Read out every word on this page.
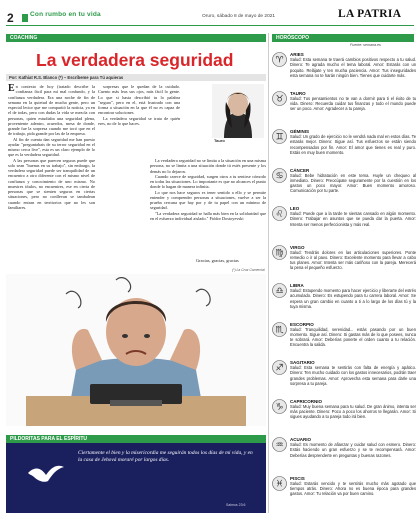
2	Con rumbo en tu vida	Oruro, sábado 8 de mayo de 2021	LA PATRIA
COACHING
La verdadera seguridad
Por: Kathiat R.S. Blanco (*) – Escríbeme para Tú aquieras

En contexto de hoy (tratado describe la confianza fácil para mí mal confundo, y la confianza verdadera. Era una noche de fin de semana en la quietud de mucha gente, pero un especial lector que me compartió la noticia, ya en el de todas, pero con dudas la vida se mezcla con personas, quien estudiaba una seguridad plena, proveniente adentro, acuerdos, mesa de donde, grande fue la sorpresa cuando me tocó que en el de trabajo, pida grande por las de la empresa.

Al fin de cuenta dan seguridad me han puesto ayudar "preguntabais de su terror seguridad en el mismo cerca live", esta es un claro ejemplo de lo que es la verdadera seguridad.

A las personas que parecen seguras puede que solo sean "buenas en su trabajo", sin embargo, la verdadera seguridad puede ser tranquilidad de un encuentro a otro diferente con el mismo nivel de confianza y conocimiento de uno mismo. No muestres títulos, no encuentres, ese en cierta de personas que se sienten seguras en ciertas situaciones, pero no conllevan se tambalean cuando entran en territorios que no les son familiares.

sorpresas que le quedan de la cuidado. Cuento más leas sus ojos, más fácil lo gente. Lo que si hasta describió tu lo palabra "seguro", pero en el, está frustrado con una forma a situación en la que él no es capaz de encontrar soluciones.

La verdadera seguridad se trata de quién eres, no de lo que haces.

Tauro

La verdadera seguridad no se limita a la situación en una misma persona, no se limita a una situación donde tú estés presente y los demás no lo dejaron.

Cuando carece de seguridad, surgen otros a tu sentirse cómodo en todas las situaciones. Lo importante es que no alcances el punto donde lo hagan de manera infinita.

Lo que nos hace seguros es tener sentido a ello y se permite entender y comprender personas a situaciones, vuelve a ser la prueba cercana que hay por y de tu papel con un mínimo de seguridad.

"La verdadera seguridad se halla más bien en la solidaridad que en el esfuerzo individual aislado." Fiódor Dostoyevski

Gracias, gracias, gracias
(*) La Cruz Comercial
HORÓSCOPO
Fuente: semana.es
♈
ARIES
Salud: Esta semana te traerá cambios positivos respecto a tu salud. Dinero: Te agrada mucho el tema laboral. Amor: Estarás con un poquito. Relájate y ten mucha paciencia. Amor: Tus inseguridades esta semana no te harán ningún bien. Tienes que cuidarte más.
♉
TAURO
Salud: Tus pensamientos no te van a dormir para ti el éxito de tu vida. Dinero: Recuerda cuidar tus finanzas y todo el mundo puede ser un poco. Amor: Agradecer a tu pareja.
♊
GÉMINIS
Salud: Un grado de ejercicio no le vendrá nada mal en estos días. Te estarás mejor. Dinero: Sigue así. Tus esfuerzos se están siendo recompensados por fin. Amor: El amor que tienes es real y puro. Estás en muy buen momento.
♋
CÁNCER
Salud: Bebe hidratación en este tema. Huyle un chequeo al inmediato. Dinero: Preocúpate seguramente por la cuestión en los gastos un poco mayor. Amor: Buen momento amoroso. Comunicación por tu parte.
♌
LEO
Salud: Puede que a la tarde te sientas cansado en algún momento. Dinero: Trabajar en asuntos que se pueda dar la puerta. Amor: Intenta ser menos perfeccionista y más real.
♍
VIRGO
Salud: Tendrás dolores en las articulaciones superiores. Ponte remedio o ir al pavo. Dinero: Excelente momento para llevar a cabo tus planes. Amor: Intenta ser más cariñoso con la pareja. Merecerá la pena el pequeño esfuerzo.
♎
LIBRA
Salud: Estupendo momento para hacer ejercicio y liberarte del estrés acumulado. Dinero: Es estupendo para tu carrera laboral. Amor: Se espera un gran cambio en cuanto a ti a lo largo de los días tú y la tuya misma.
♏
ESCORPIO
Salud: Tranquilidad, serenidad... estás pasando por un buen momento. Sigue así. Dinero: Si gastas más de lo que posees, nunca te sobrará. Amor: Deberías ponerte el orden cuanto a tu relación. Encuentra la salida.
♐
SAGITARIO
Salud: Esta semana te sentirás con falta de energía y apático. Dinero: Ten mucho cuidado con los gastos innecesarios, podrán traer grandes problemas. Amor: Aprovecha esta semana para darle una sorpresa a tu pareja.
♑
CAPRICORNIO
Salud: Muy buena semana para tu salud. De gran ánimo, intenta ser más paciente. Dinero: Poco a poco los ahorros te llegarán. Amor: Si sigues ayudando a tu pareja todo irá bien.
♒
ACUARIO
Salud: Es momento de afianzar y cuidar salud con esmero. Dinero: Estás haciendo un gran esfuerzo y se te recompensará. Amor: Deberías desprenderte en preguntas y buenas razones.
♓
PISCIS
Salud: Estarás vencido y te sentirás mucho más agotado que tiempos atrás. Dinero: Ahora no es buena época para grandes gastos. Amor: Tu relación va por buen camino.
PILDORITAS PARA EL ESPÍRITU
Ciertamente el bien y la misericordia me seguirán todos los días de mi vida, y en la casa de Jehová moraré por largos días.
Salmos 23:6
